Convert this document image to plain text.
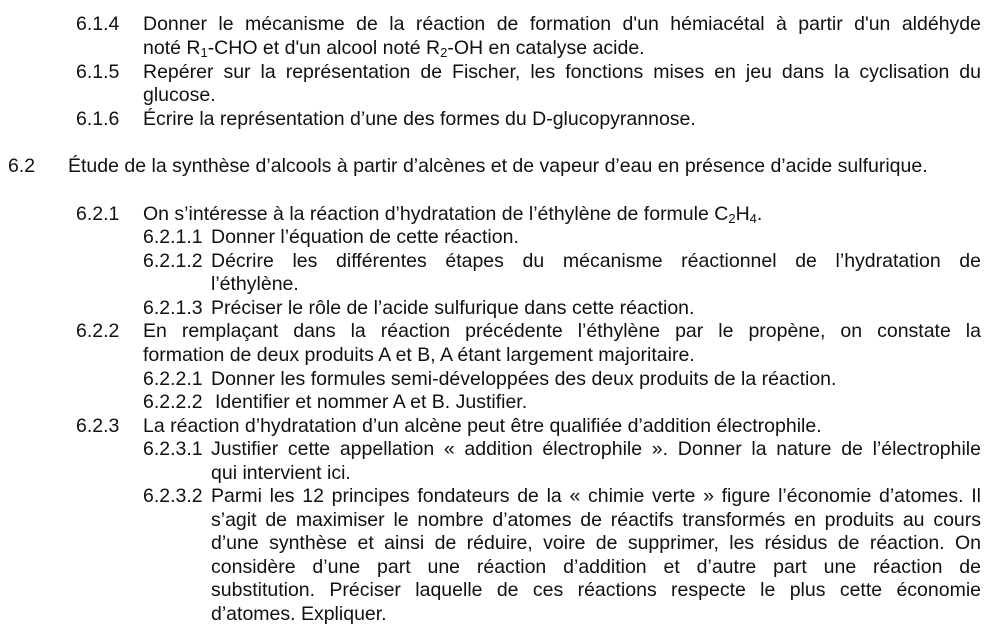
6.1.4 Donner le mécanisme de la réaction de formation d'un hémiacétal à partir d'un aldéhyde
noté $R_1$-CHO et d'un alcool noté $R_2-OH$ en catalyse acide.
6.1.5 Repérer sur la représentation de Fischer, les fonctions mises en jeu dans la cyclisation du
glucose.
6.1.6 Écrire la représentation d’une des formes du D-glucopyrannose.
6.2 Étude de la synthèse d’alcools à partir d’alcènes et de vapeur d’eau en présence d’acide sulfurique.
6.2.1 On s’intéresse à la réaction d’hydratation de l’éthylène de formule $C_2H_4$.
6.2.1.1 Donner l’équation de cette réaction.
6.2.1.2 Décrire les différentes étapes du mécanisme réactionnel de l’hydratation de
l’éthylène.
6.2.1.3 Préciser le rôle de l’acide sulfurique dans cette réaction.
6.2.2 En remplaçant dans la réaction précédente l’éthylène par le propène, on constate la
formation de deux produits A et B, A étant largement majoritaire.
6.2.2.1 Donner les formules semi-développées des deux produits de la réaction.
6.2.2.2 Identifier et nommer A et B. Justifier.
6.2.3 La réaction d’hydratation d’un alcène peut être qualifiée d’addition électrophile.
6.2.3.1 Justifier cette appellation « addition électrophile ». Donner la nature de l’électrophile
qui intervient ici.
6.2.3.2 Parmi les 12 principes fondateurs de la « chimie verte » figure l’économie d’atomes. Il
s’agit de maximiser le nombre d’atomes de réactifs transformés en produits au cours
d’une synthèse et ainsi de réduire, voire de supprimer, les résidus de réaction. On
considère d’une part une réaction d’addition et d’autre part une réaction de
substitution. Préciser laquelle de ces réactions respecte le plus cette économie
d’atomes. Expliquer.
